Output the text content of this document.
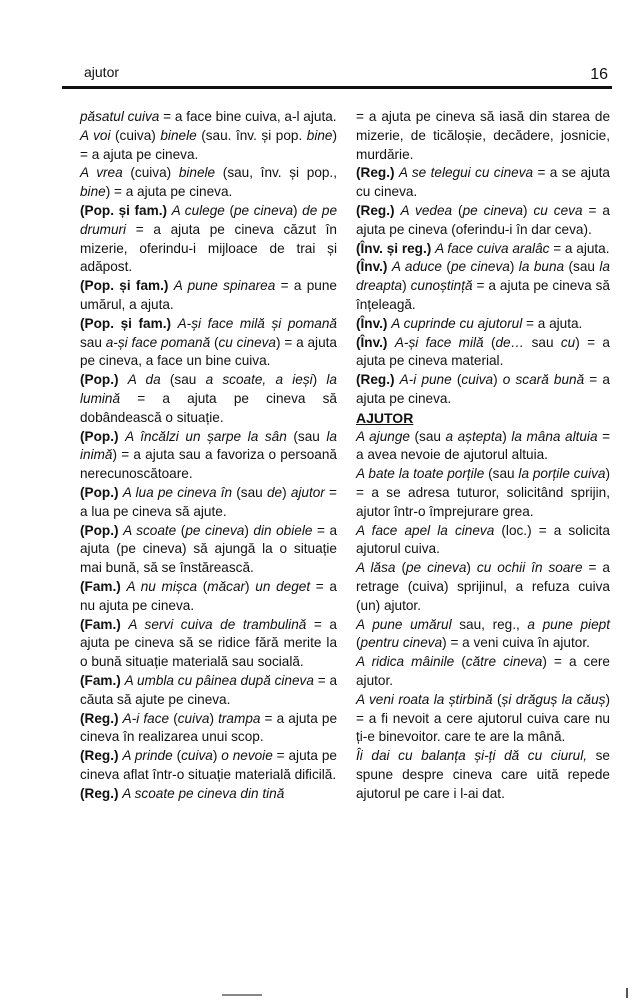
ajutor	16

păsatul cuiva = a face bine cuiva, a-l ajuta.

A voi (cuiva) binele (sau. înv. și pop. bine) = a ajuta pe cineva.

A vrea (cuiva) binele (sau, înv. și pop., bine) = a ajuta pe cineva.

(Pop. și fam.) A culege (pe cineva) de pe drumuri = a ajuta pe cineva căzut în mizerie, oferindu-i mijloace de trai și adăpost.

(Pop. și fam.) A pune spinarea = a pune umărul, a ajuta.

(Pop. și fam.) A-și face milă și pomană sau a-și face pomană (cu cineva) = a ajuta pe cineva, a face un bine cuiva.

(Pop.) A da (sau a scoate, a ieși) la lumină = a ajuta pe cineva să dobândească o situație.

(Pop.) A încălzi un șarpe la sân (sau la inimă) = a ajuta sau a favoriza o persoană nerecunoscătoare.

(Pop.) A lua pe cineva în (sau de) ajutor = a lua pe cineva să ajute.

(Pop.) A scoate (pe cineva) din obiele = a ajuta (pe cineva) să ajungă la o situație mai bună, să se înstărească.

(Fam.) A nu mișca (măcar) un deget = a nu ajuta pe cineva.

(Fam.) A servi cuiva de trambulină = a ajuta pe cineva să se ridice fără merite la o bună situație materială sau socială.

(Fam.) A umbla cu pâinea după cineva = a căuta să ajute pe cineva.

(Reg.) A-i face (cuiva) trampa = a ajuta pe cineva în realizarea unui scop.

(Reg.) A prinde (cuiva) o nevoie = ajuta pe cineva aflat într-o situație materială dificilă.

(Reg.) A scoate pe cineva din tină

= a ajuta pe cineva să iasă din starea de mizerie, de ticăloșie, decădere, josnicie, murdărie.

(Reg.) A se telegui cu cineva = a se ajuta cu cineva.

(Reg.) A vedea (pe cineva) cu ceva = a ajuta pe cineva (oferindu-i în dar ceva).

(Înv. și reg.) A face cuiva aralâc = a ajuta.

(Înv.) A aduce (pe cineva) la buna (sau la dreapta) cunoștință = a ajuta pe cineva să înțeleagă.

(Înv.) A cuprinde cu ajutorul = a ajuta.

(Înv.) A-și face milă (de… sau cu) = a ajuta pe cineva material.

(Reg.) A-i pune (cuiva) o scară bună = a ajuta pe cineva.

AJUTOR

A ajunge (sau a aștepta) la mâna altuia = a avea nevoie de ajutorul altuia.

A bate la toate porțile (sau la porțile cuiva) = a se adresa tuturor, solicitând sprijin, ajutor într-o împrejurare grea.

A face apel la cineva (loc.) = a solicita ajutorul cuiva.

A lăsa (pe cineva) cu ochii în soare = a retrage (cuiva) sprijinul, a refuza cuiva (un) ajutor.

A pune umărul sau, reg., a pune piept (pentru cineva) = a veni cuiva în ajutor.

A ridica mâinile (către cineva) = a cere ajutor.

A veni roata la știrbină (și drăguș la căuș) = a fi nevoit a cere ajutorul cuiva care nu ți-e binevoitor. care te are la mână.

Îi dai cu balanța și-ți dă cu ciurul, se spune despre cineva care uită repede ajutorul pe care i l-ai dat.
